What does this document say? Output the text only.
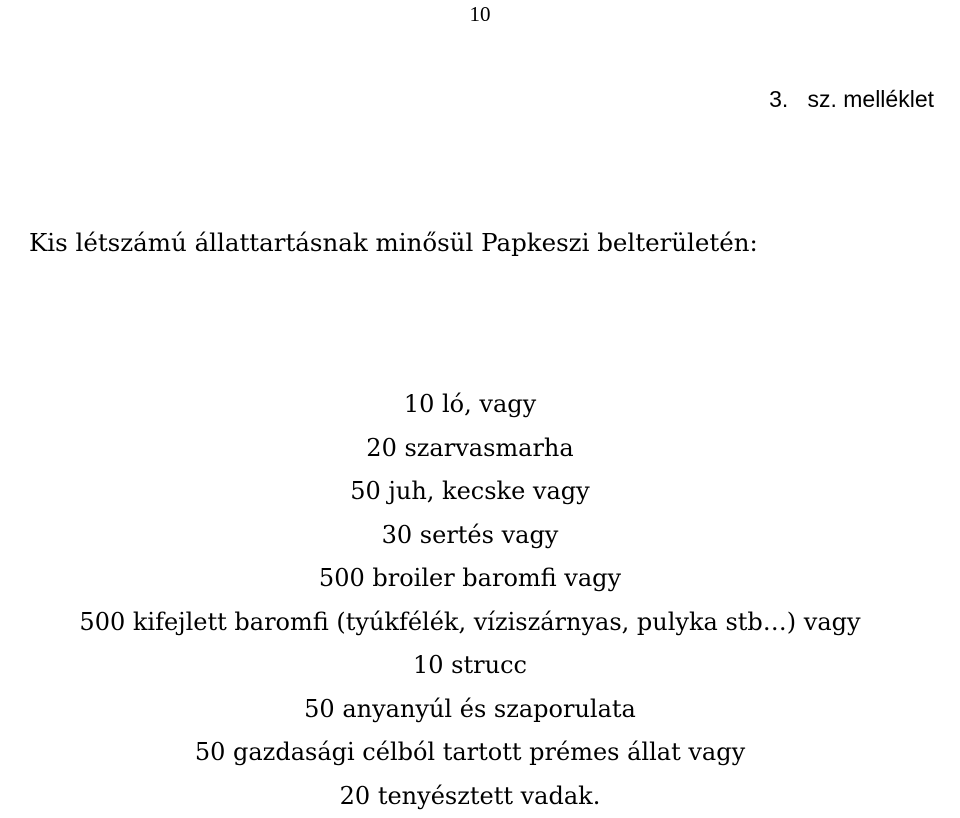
10
3.   sz. melléklet
Kis létszámú állattartásnak minősül Papkeszi belterületén:
10 ló, vagy
20 szarvasmarha
50 juh, kecske vagy
30 sertés vagy
500 broiler baromfi vagy
500 kifejlett baromfi (tyúkfélék, víziszárnyas, pulyka stb…) vagy
10 strucc
50 anyanyúl és szaporulata
50 gazdasági célból tartott prémes állat vagy
20 tenyésztett vadak.
